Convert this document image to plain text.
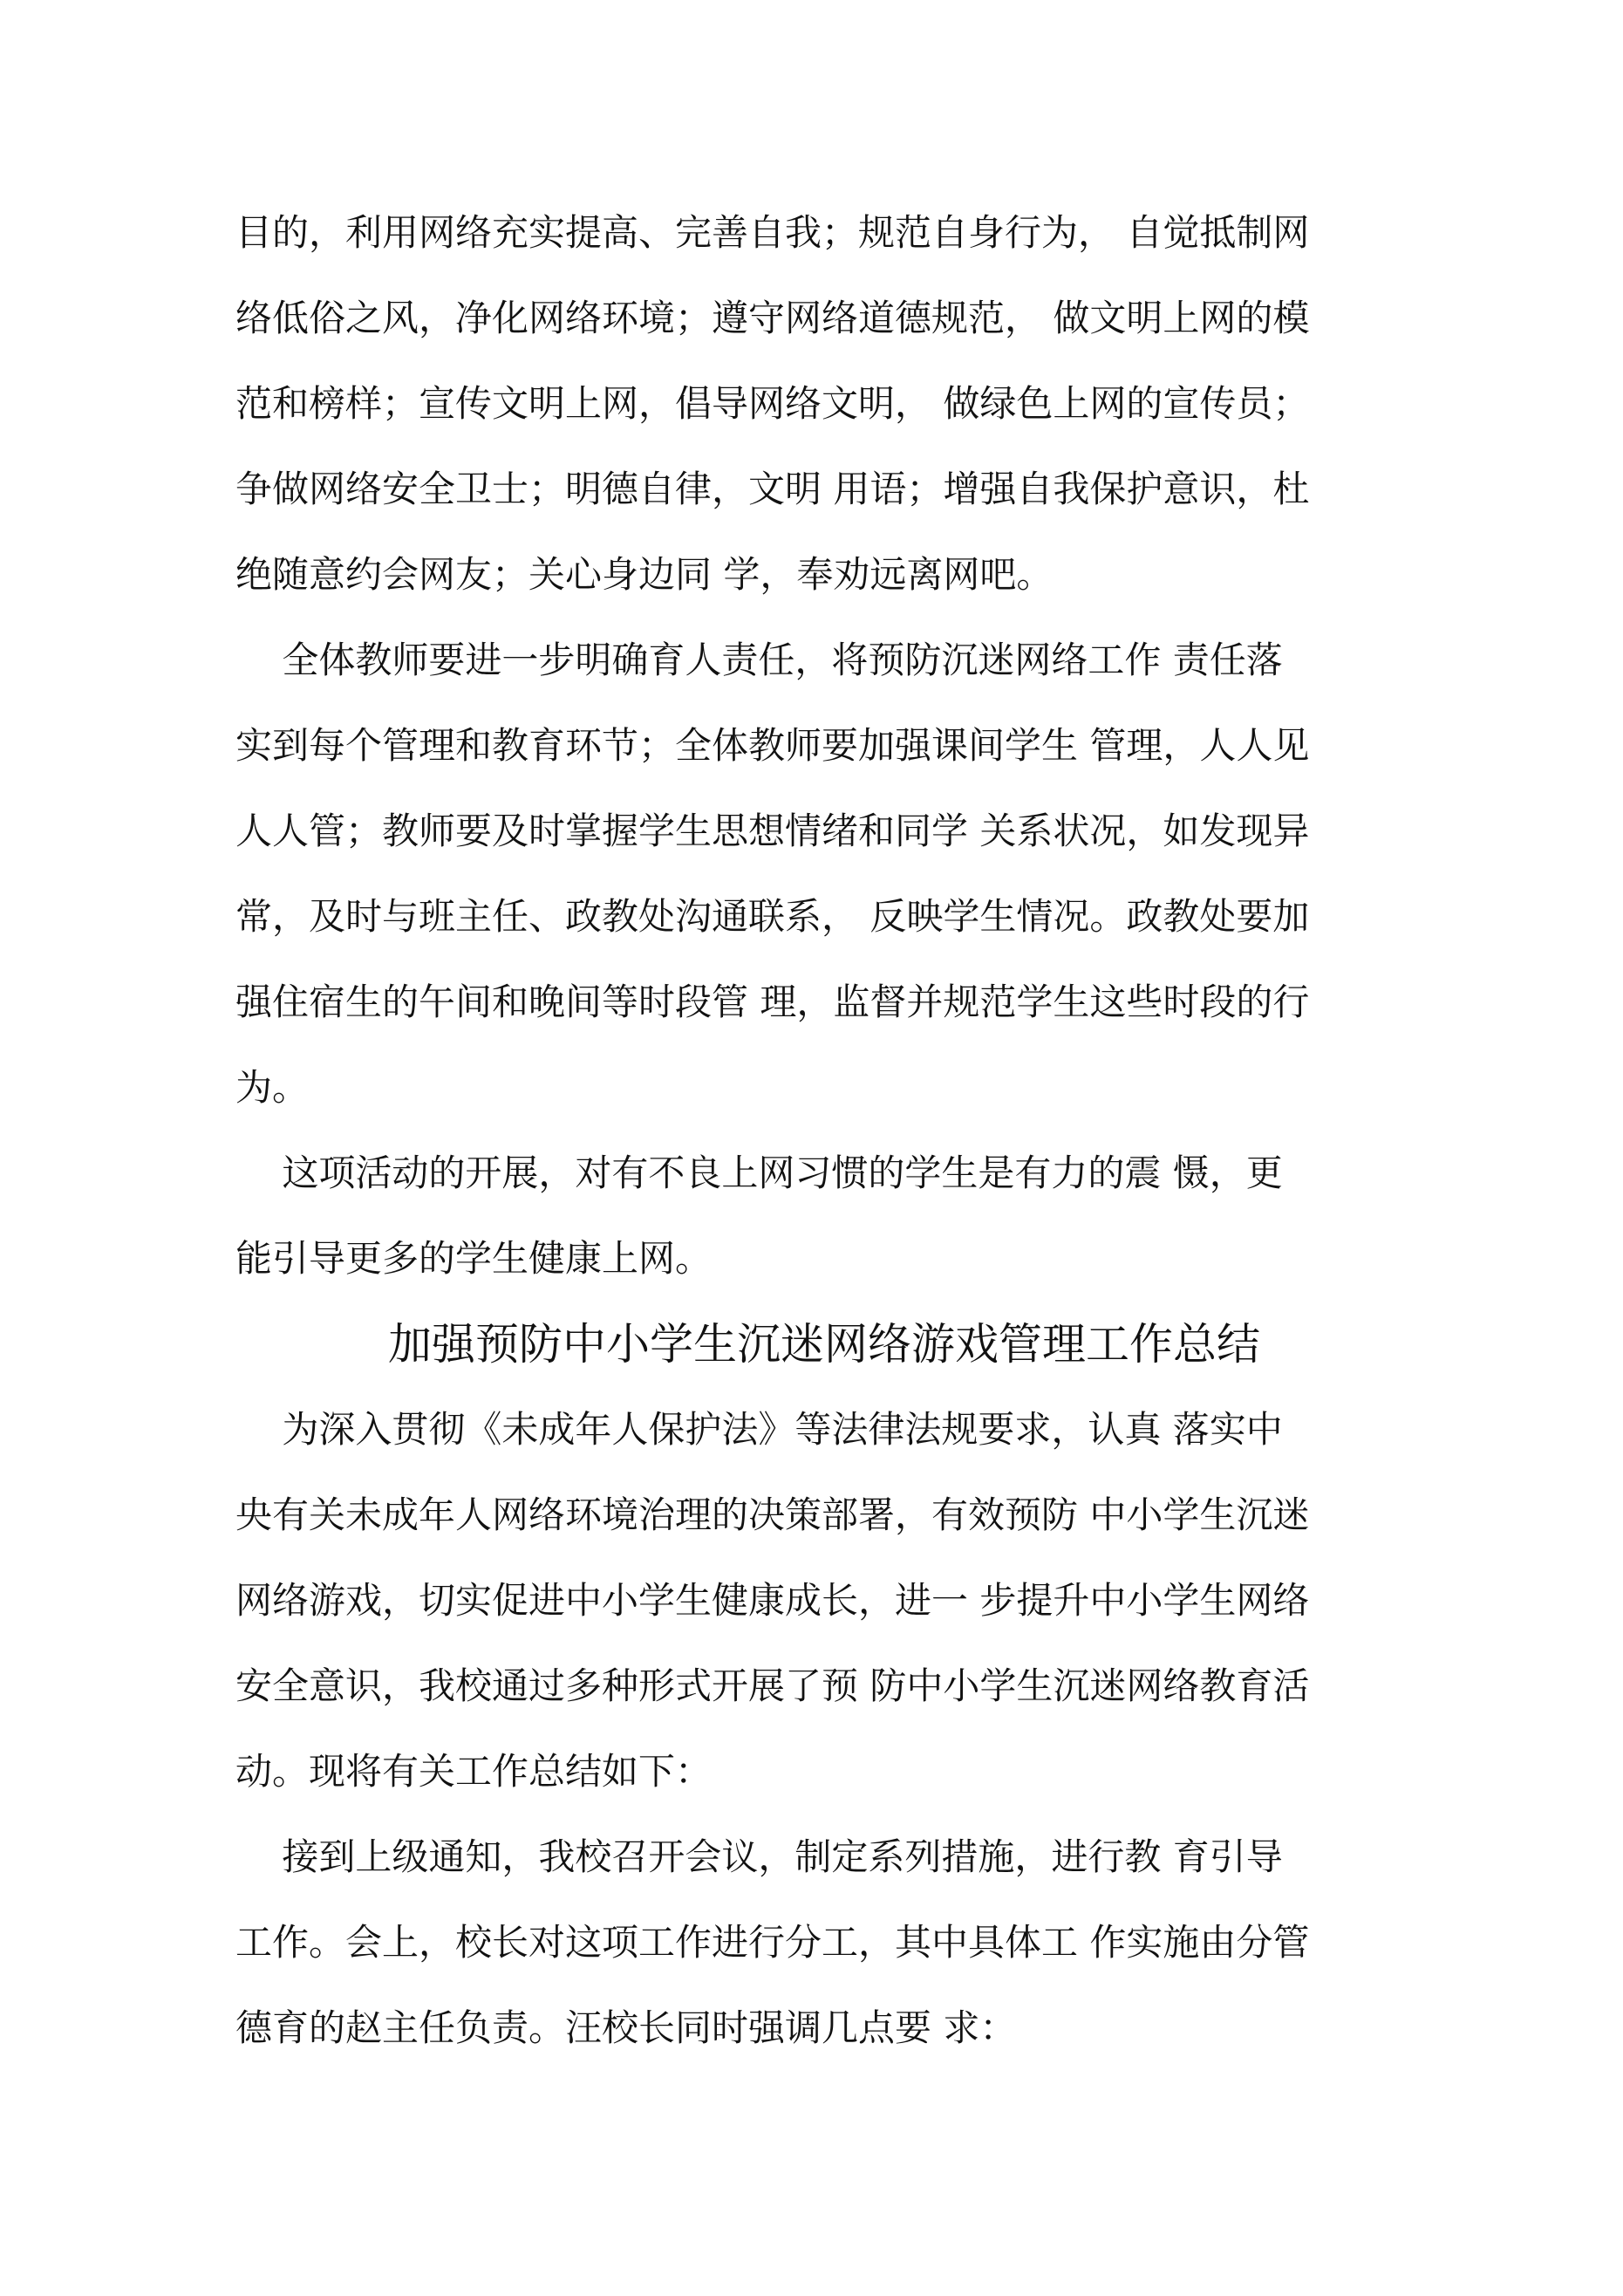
目的，利用网络充实提高、完善自我；规范自身行为， 自觉抵制网
络低俗之风，净化网络环境；遵守网络道德规范， 做文明上网的模
范和榜样；宣传文明上网，倡导网络文明， 做绿色上网的宣传员；
争做网络安全卫士；明德自律，文明 用语；增强自我保护意识，杜
绝随意约会网友；关心身边同 学，奉劝远离网吧。
全体教师要进一步明确育人责任，将预防沉迷网络工作 责任落
实到每个管理和教育环节；全体教师要加强课间学生 管理，人人见
人人管；教师要及时掌握学生思想情绪和同学 关系状况，如发现异
常，及时与班主任、政教处沟通联系， 反映学生情况。政教处要加
强住宿生的午间和晚间等时段管 理，监督并规范学生这些时段的行
为。
这项活动的开展，对有不良上网习惯的学生是有力的震 慑，更
能引导更多的学生健康上网。
加强预防中小学生沉迷网络游戏管理工作总结
为深入贯彻《未成年人保护法》等法律法规要求，认真 落实中
央有关未成年人网络环境治理的决策部署，有效预防 中小学生沉迷
网络游戏，切实促进中小学生健康成长，进一 步提升中小学生网络
安全意识，我校通过多种形式开展了预 防中小学生沉迷网络教育活
动。现将有关工作总结如下：
接到上级通知，我校召开会议，制定系列措施，进行教 育引导
工作。会上，校长对这项工作进行分工，其中具体工 作实施由分管
德育的赵主任负责。汪校长同时强调几点要 求：
